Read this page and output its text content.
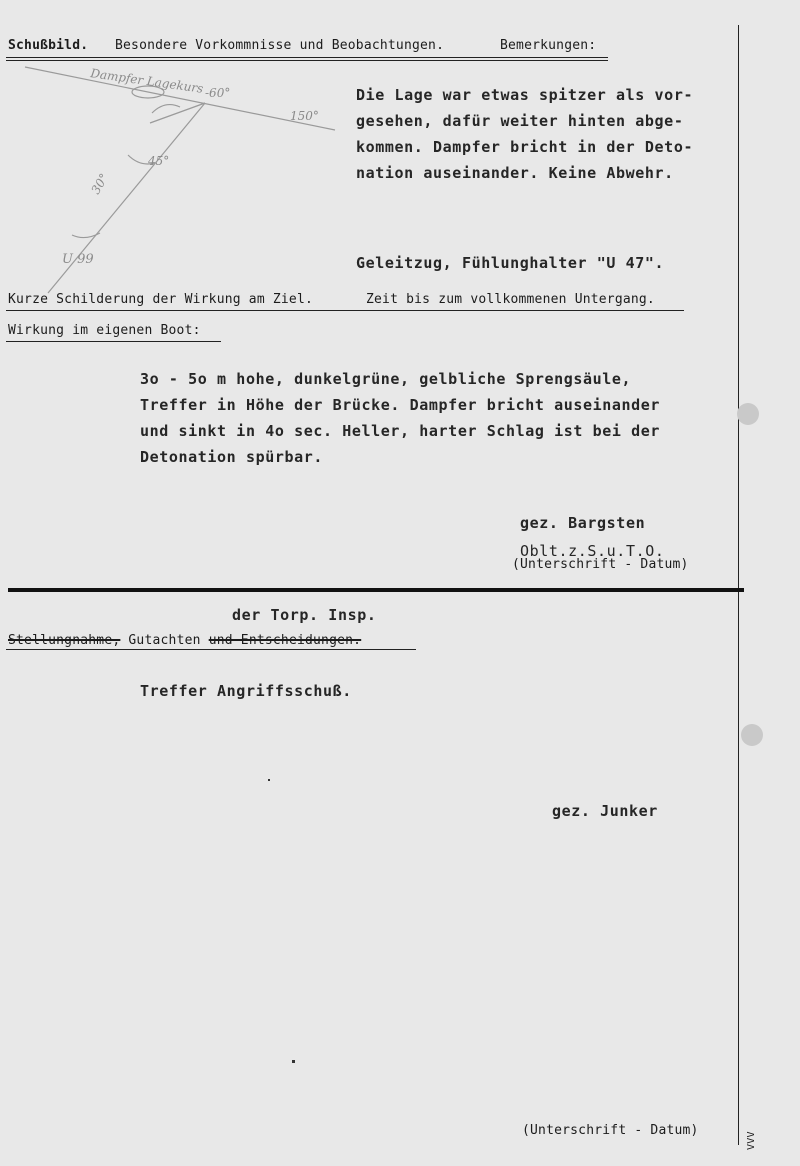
Schußbild. Besondere Vorkommnisse und Beobachtungen.	Bemerkungen:
Dampfer Lagekurs -60°
150°
45°
30°
U 99
Die Lage war etwas spitzer als vor-
gesehen, dafür weiter hinten abge-
kommen. Dampfer bricht in der Deto-
nation auseinander. Keine Abwehr.
Geleitzug, Fühlunghalter "U 47".
Kurze Schilderung der Wirkung am Ziel.	Zeit bis zum vollkommenen Untergang.
Wirkung im eigenen Boot:
3o - 5o m hohe, dunkelgrüne, gelbliche Sprengsäule,
Treffer in Höhe der Brücke. Dampfer bricht auseinander
und sinkt in 4o sec. Heller, harter Schlag ist bei der
Detonation spürbar.
gez. Bargsten
Oblt.z.S.u.T.O.
(Unterschrift - Datum)
der Torp. Insp.
Stellungnahme, Gutachten und Entscheidungen.
Treffer Angriffsschuß.
gez. Junker
(Unterschrift - Datum)
VVV
